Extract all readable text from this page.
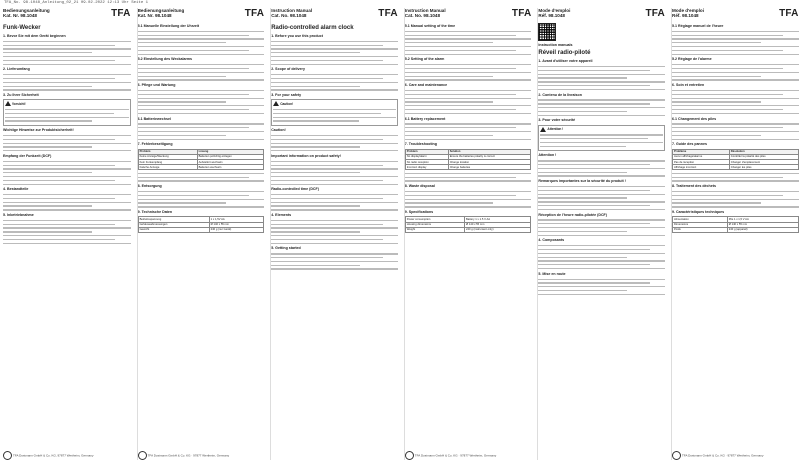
TFA_No. 98.1048_Anleitung_02_21 09.02.2022 12:13 Uhr Seite 1
Bedienungsanleitung
Kat. Nr. 98.1048	TFA
Funk-Wecker
1. Bevor Sie mit dem Gerät beginnen
2. Lieferumfang
3. Zu Ihrer Sicherheit
Vorsicht!
Wichtige Hinweise zur Produktsicherheit!
Empfang der Funkzeit (DCF)
4. Bestandteile
5. Inbetriebnahme
TFA Dostmann GmbH & Co. KG, 97877 Wertheim, Germany
Bedienungsanleitung
Kat. Nr. 98.1048	TFA
5.1 Manuelle Einstellung der Uhrzeit
5.2 Einstellung des Weckalarms
6. Pflege und Wartung
6.1 Batteriewechsel
7. Fehlerbeseitigung
Problem	Lösung
Keine Anzeige/Weckung	Batterien polrichtig einlegen
Kein Funkempfang	Aufstellort wechseln
Falsche Anzeige	Batterien wechseln
8. Entsorgung
9. Technische Daten
Betriebsspannung	1 x 1,5V AA
Gehäuseabmessungen	Ø 140 x 55 mm
Gewicht	240 g (nur Gerät)
TFA Dostmann GmbH & Co. KG · 97877 Wertheim, Germany
Instruction Manual
Cat. No. 98.1048	TFA
Radio-controlled alarm clock
1. Before you use this product
2. Scope of delivery
3. For your safety
Caution!
Caution!
Important information on product safety!
Radio-controlled time (DCF)
4. Elements
5. Getting started
Instruction Manual
Cat. No. 98.1048	TFA
5.1 Manual setting of the time
5.2 Setting of the alarm
6. Care and maintenance
6.1 Battery replacement
7. Troubleshooting
Problem	Solution
No display/alarm	Ensure the batteries polarity is correct
No radio reception	Change location
Incorrect display	Change batteries
8. Waste disposal
9. Specifications
Power consumption	Battery 1 x 1.5 V AA
Housing dimensions	Ø 140 x 55 mm
Weight	240 g (instrument only)
TFA Dostmann GmbH & Co. KG · 97877 Wertheim, Germany
Mode d'emploi
Réf. 98.1048	TFA
Instruction manuals
Réveil radio-piloté
1. Avant d'utiliser votre appareil
2. Contenu de la livraison
3. Pour votre sécurité
Attention !
Attention !
Remarques importantes sur la sécurité du produit !
Réception de l'heure radio-pilotée (DCF)
4. Composants
5. Mise en route
Mode d'emploi
Réf. 98.1048	TFA
5.1 Réglage manuel de l'heure
5.2 Réglage de l'alarme
6. Soin et entretien
6.1 Changement des piles
7. Guide des pannes
Problème	Résolution
Aucun affichage/alarme	Contrôler la polarité des piles
Pas de réception	Changer d'emplacement
Affichage incorrect	Changer les piles
8. Traitement des déchets
9. Caractéristiques techniques
Alimentation	Pile 1 x 1,5 V AA
Dimensions	Ø 140 x 55 mm
Poids	240 g (appareil)
TFA Dostmann GmbH & Co. KG · 97877 Wertheim, Germany
